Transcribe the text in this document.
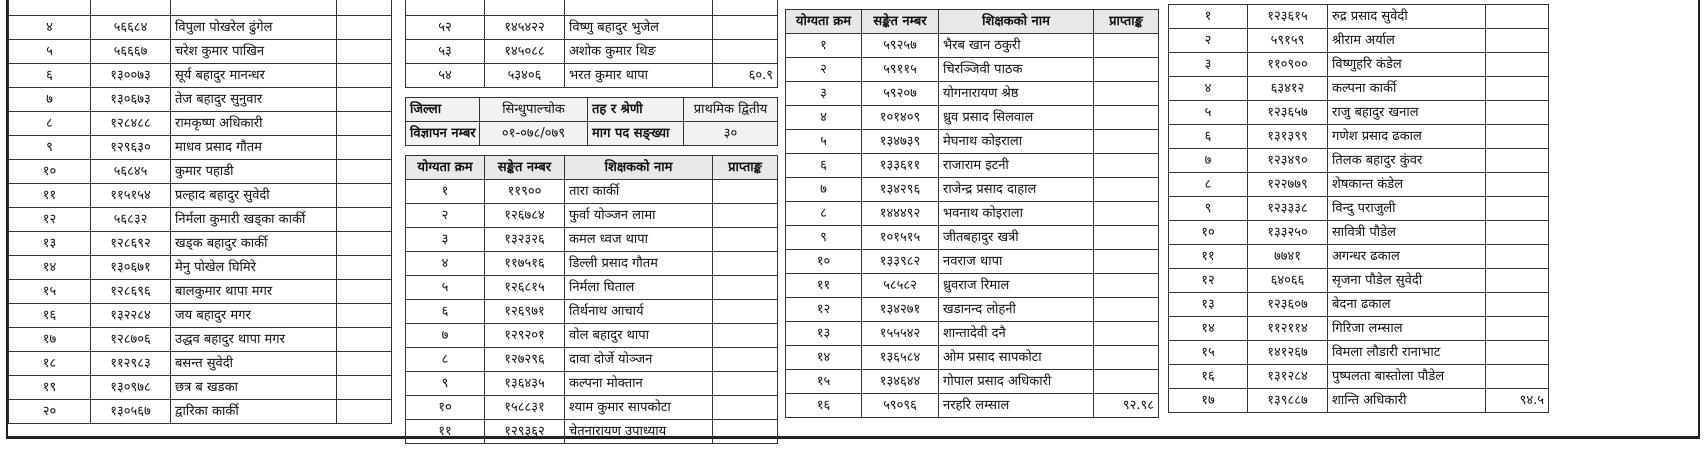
४	५६६८४	विपुला पोखरेल ढुंगेल	
५	५६६६७	चरेश कुमार पाखिन	
६	१३००७३	सूर्य बहादुर मानन्धर	
७	१३०६७३	तेज बहादुर सुनुवार	
८	१२८४८८	रामकृष्ण अधिकारी	
९	१२९६३०	माधव प्रसाद गौतम	
१०	५६८४५	कुमार पहाडी	
११	११५१५४	प्रल्हाद बहादुर सुवेदी	
१२	५६८३२	निर्मला कुमारी खड्का कार्की	
१३	१२८६९२	खड्क बहादुर कार्की	
१४	१३०६७१	मेनु पोखेल घिमिरे	
१५	१२८६९६	बालकुमार थापा मगर	
१६	१३२२८४	जय बहादुर मगर	
१७	१२८७०६	उद्धव बहादुर थापा मगर	
१८	११२९८३	बसन्त सुवेदी	
१९	१३०९७८	छत्र ब खडका	
२०	१३०५६७	द्वारिका कार्की	

५२	१४५४२२	विष्णु बहादुर भुजेल	
५३	१४५०८८	अशोक कुमार थिङ	
५४	५३४०६	भरत कुमार थापा	६०.९
जिल्ला	सिन्धुपाल्चोक	तह र श्रेणी	प्राथमिक द्वितीय
विज्ञापन नम्बर	०१-०७८/०७९	माग पद सङ्ख्या	३०
योग्यता क्रम	सङ्केत नम्बर	शिक्षकको नाम	प्राप्ताङ्क
१	११९००	तारा कार्की	
२	१२६७८४	फुर्वा योञ्जन लामा	
३	१३२३२६	कमल ध्वज थापा	
४	११७५१६	डिल्ली प्रसाद गौतम	
५	१२६८१५	निर्मला घिताल	
६	१२६९७१	तिर्थनाथ आचार्य	
७	१२९२०१	वोल बहादुर थापा	
८	१२७२९६	दावा दोर्जे योञ्जन	
९	१३६४३५	कल्पना मोक्तान	
१०	१५८८३१	श्याम कुमार सापकोटा	
११	१२९३६२	चेतनारायण उपाध्याय	
योग्यता क्रम	सङ्केत नम्बर	शिक्षकको नाम	प्राप्ताङ्क
१	५९२५७	भैरब खान ठकुरी	
२	५९११५	चिरञ्जिवी पाठक	
३	५९२०७	योगनारायण श्रेष्ठ	
४	१०१४०९	ध्रुव प्रसाद सिलवाल	
५	१३४७३९	मेघनाथ कोइराला	
६	१३३६११	राजाराम इटनी	
७	१३४२९६	राजेन्द्र प्रसाद दाहाल	
८	१४४४९२	भवनाथ कोइराला	
९	१०१५१५	जीतबहादुर खत्री	
१०	१३३९८२	नवराज थापा	
११	५८५८२	ध्रुवराज रिमाल	
१२	१३४२७१	खडानन्द लोहनी	
१३	१५५५४२	शान्तादेवी दनै	
१४	१३६५८४	ओम प्रसाद सापकोटा	
१५	१३४६४४	गोपाल प्रसाद अधिकारी	
१६	५९०९६	नरहरि लम्साल	९२.९८
१	१२३६१५	रुद्र प्रसाद सुवेदी	
२	५९१५९	श्रीराम अर्याल	
३	११०९००	विष्णुहरि कंडेल	
४	६३४१२	कल्पना कार्की	
५	१२३६५७	राजु बहादुर खनाल	
६	१३१३९९	गणेश प्रसाद ढकाल	
७	१२३४९०	तिलक बहादुर कुंवर	
८	१२२७७९	शेषकान्त कंडेल	
९	१२३३३८	विन्दु पराजुली	
१०	१३३२५०	सावित्री पौडेल	
११	७७४१	अगन्धर ढकाल	
१२	६४०६६	सृजना पौडेल सुवेदी	
१३	१२३६०७	बेदना ढकाल	
१४	११२११४	गिरिजा लम्साल	
१५	१४१२६७	विमला लौडारी रानाभाट	
१६	१३१२८४	पुष्पलता बास्तोला पौडेल	
१७	१३९८८७	शान्ति अधिकारी	९४.५
